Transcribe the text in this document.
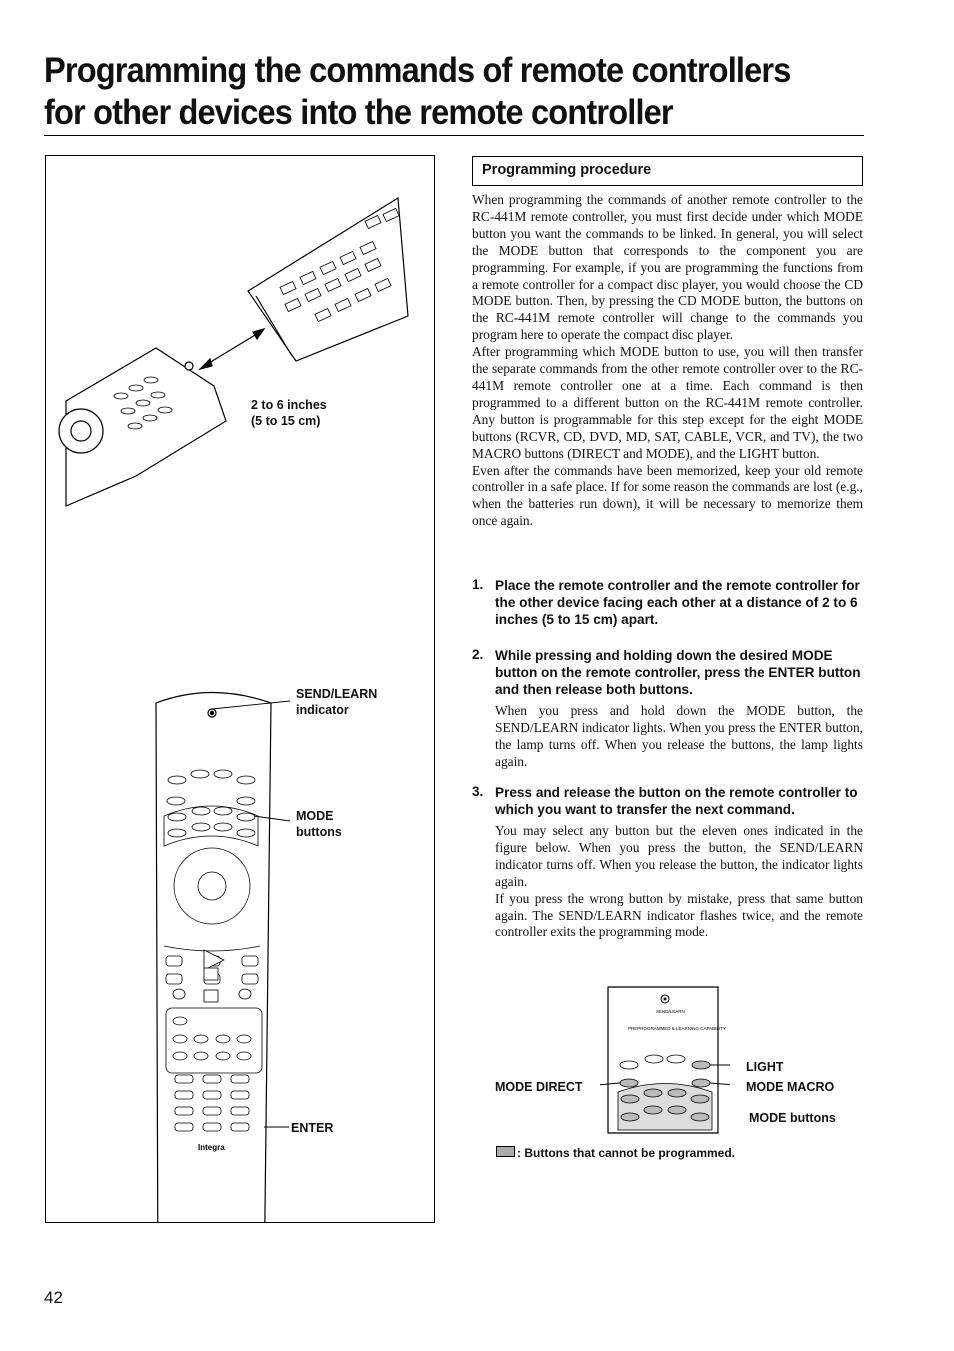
Programming the commands of remote controllers
for other devices into the remote controller
Integra
2 to 6 inches
(5 to 15 cm)
SEND/LEARN
indicator
MODE
buttons
ENTER
Programming procedure
When programming the commands of another remote controller to the RC-441M remote controller, you must first decide under which MODE button you want the commands to be linked. In general, you will select the MODE button that corresponds to the component you are programming. For example, if you are programming the functions from a remote controller for a compact disc player, you would choose the CD MODE button. Then, by pressing the CD MODE button, the buttons on the RC-441M remote controller will change to the commands you program here to operate the compact disc player.
After programming which MODE button to use, you will then transfer the separate commands from the other remote controller over to the RC-441M remote controller one at a time. Each command is then programmed to a different button on the RC-441M remote controller. Any button is programmable for this step except for the eight MODE buttons (RCVR, CD, DVD, MD, SAT, CABLE, VCR, and TV), the two MACRO buttons (DIRECT and MODE), and the LIGHT button.
Even after the commands have been memorized, keep your old remote controller in a safe place. If for some reason the commands are lost (e.g., when the batteries run down), it will be necessary to memorize them once again.
1. Place the remote controller and the remote controller for the other device facing each other at a distance of 2 to 6 inches (5 to 15 cm) apart.
2. While pressing and holding down the desired MODE button on the remote controller, press the ENTER button and then release both buttons.
When you press and hold down the MODE button, the SEND/LEARN indicator lights. When you press the ENTER button, the lamp turns off. When you release the buttons, the lamp lights again.
3. Press and release the button on the remote controller to which you want to transfer the next command.
You may select any button but the eleven ones indicated in the figure below. When you press the button, the SEND/LEARN indicator turns off. When you release the button, the indicator lights again.
If you press the wrong button by mistake, press that same button again. The SEND/LEARN indicator flashes twice, and the remote controller exits the programming mode.
SEND/LEARN
PREPROGRAMMED & LEARNING CAPABILITY
LIGHT
MODE MACRO
MODE DIRECT
MODE buttons
: Buttons that cannot be programmed.
42
